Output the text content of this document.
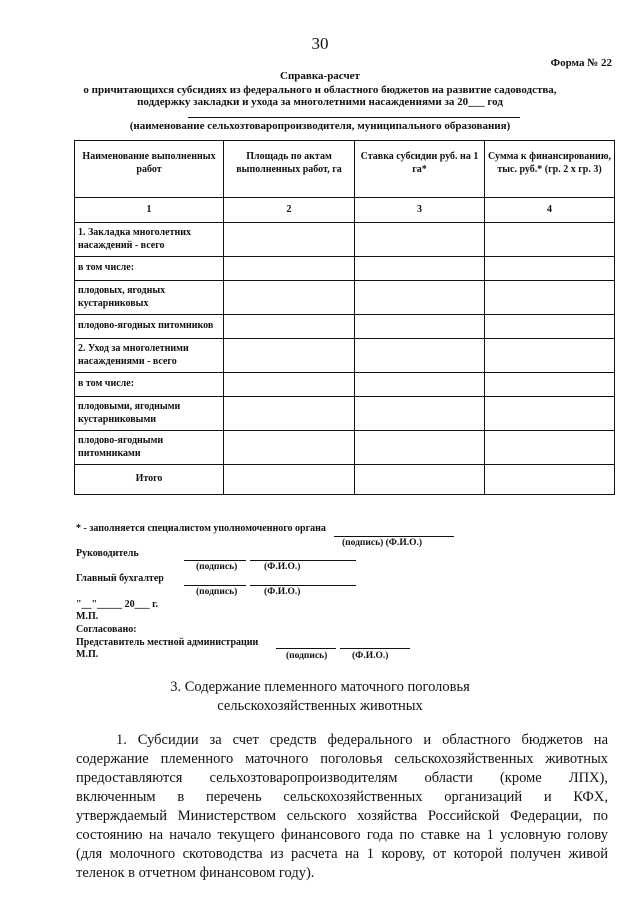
30
Форма № 22
Справка-расчет
о причитающихся субсидиях из федерального и областного бюджетов на развитие садоводства,
поддержку закладки и ухода за многолетними насаждениями за 20___ год
(наименование сельхозтоваропроизводителя, муниципального образования)
Наименование выполненных работ	Площадь по актам выполненных работ, га	Ставка субсидии руб. на 1 га*	Сумма к финансированию, тыс. руб.* (гр. 2 х гр. 3)
1	2	3	4
1. Закладка многолетних насаждений - всего			
в том числе:			
плодовых, ягодных кустарниковых			
плодово-ягодных питомников			
2. Уход за многолетними насаждениями - всего			
в том числе:			
плодовыми, ягодными кустарниковыми			
плодово-ягодными питомниками			
Итого			
* - заполняется специалистом уполномоченного органа
(подпись) (Ф.И.О.)
Руководитель
(подпись)	(Ф.И.О.)
Главный бухгалтер
(подпись)	(Ф.И.О.)
"__"_____ 20___ г.
М.П.
Согласовано:
Представитель местной администрации
М.П.	(подпись)	(Ф.И.О.)
3. Содержание племенного маточного поголовья
сельскохозяйственных животных
1. Субсидии за счет средств федерального и областного бюджетов на
содержание племенного маточного поголовья сельскохозяйственных животных
предоставляются сельхозтоваропроизводителям области (кроме ЛПХ),
включенным в перечень сельскохозяйственных организаций и КФХ,
утверждаемый Министерством сельского хозяйства Российской Федерации, по
состоянию на начало текущего финансового года по ставке на 1 условную голову
(для молочного скотоводства из расчета на 1 корову, от которой получен живой
теленок в отчетном финансовом году).
